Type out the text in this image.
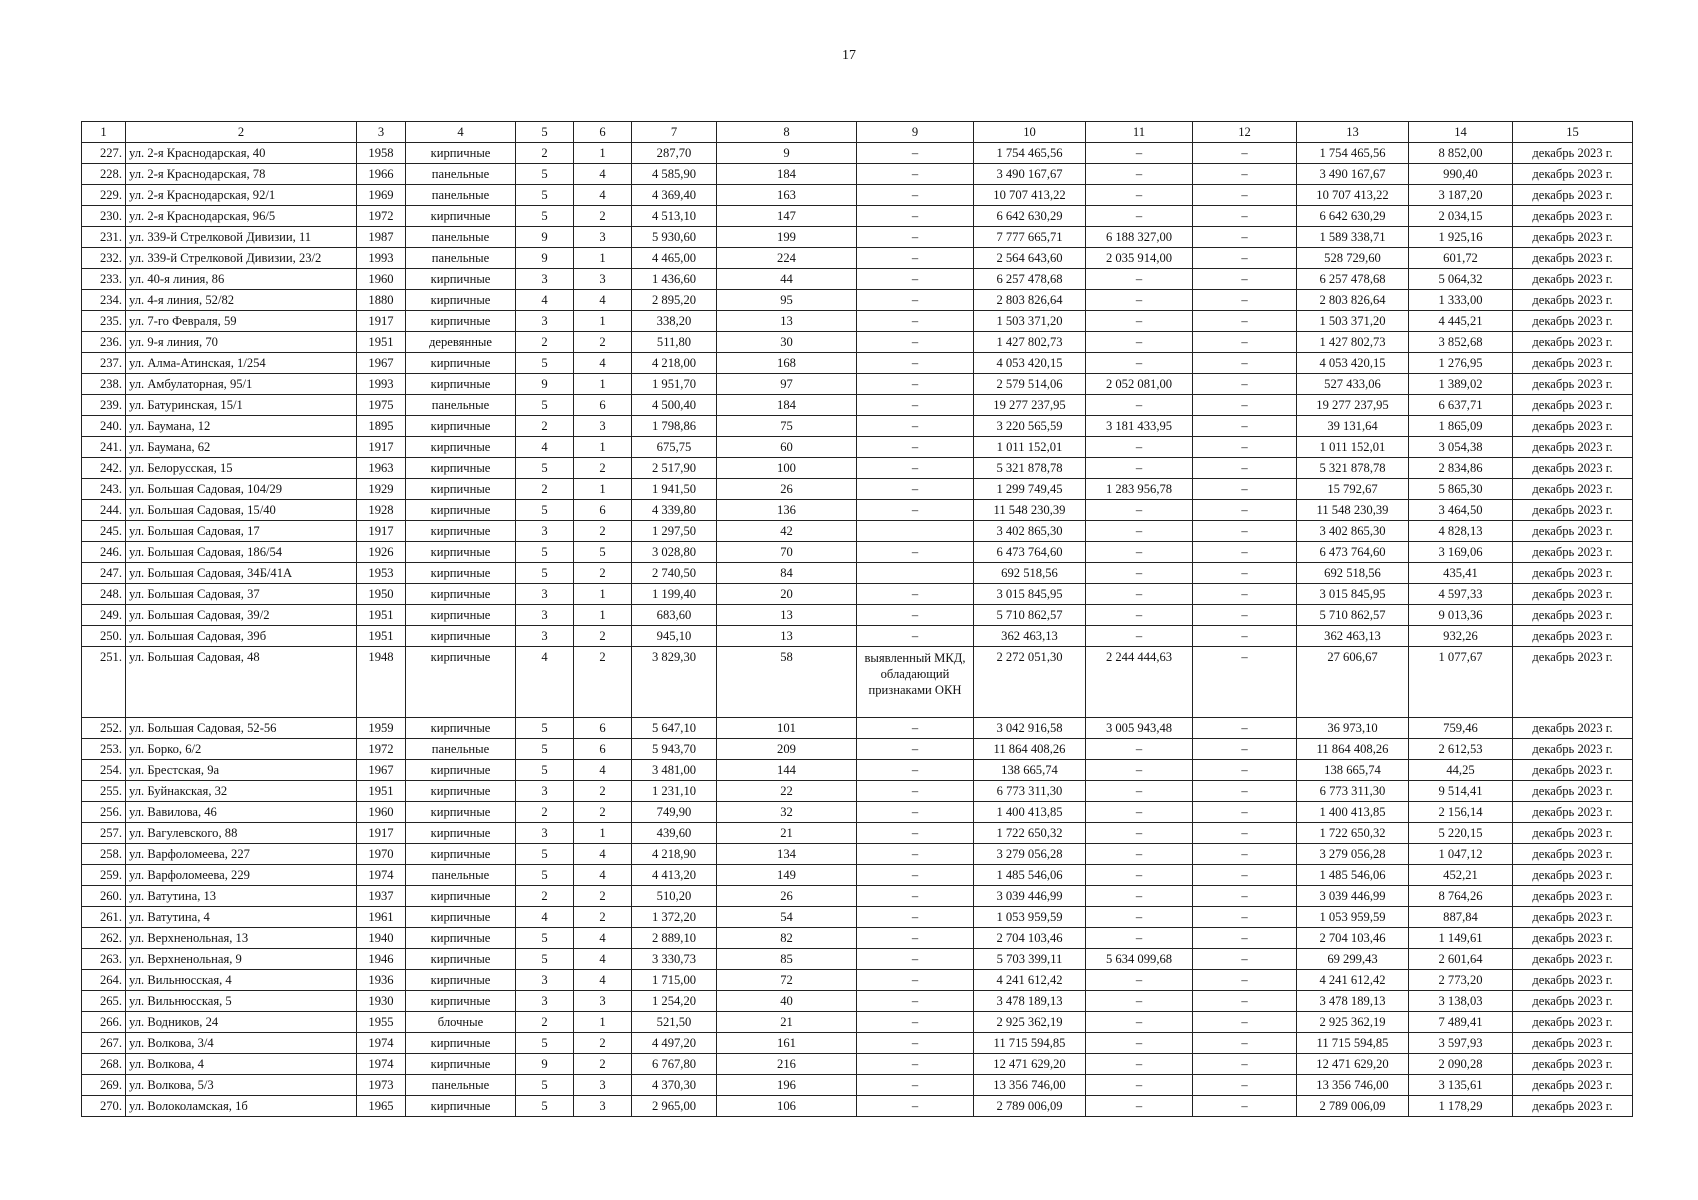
17
1	2	3	4	5	6	7	8	9	10	11	12	13	14	15
227.	ул. 2-я Краснодарская, 40	1958	кирпичные	2	1	287,70	9	–	1 754 465,56	–	–	1 754 465,56	8 852,00	декабрь 2023 г.
228.	ул. 2-я Краснодарская, 78	1966	панельные	5	4	4 585,90	184	–	3 490 167,67	–	–	3 490 167,67	990,40	декабрь 2023 г.
229.	ул. 2-я Краснодарская, 92/1	1969	панельные	5	4	4 369,40	163	–	10 707 413,22	–	–	10 707 413,22	3 187,20	декабрь 2023 г.
230.	ул. 2-я Краснодарская, 96/5	1972	кирпичные	5	2	4 513,10	147	–	6 642 630,29	–	–	6 642 630,29	2 034,15	декабрь 2023 г.
231.	ул. 339-й Стрелковой Дивизии, 11	1987	панельные	9	3	5 930,60	199	–	7 777 665,71	6 188 327,00	–	1 589 338,71	1 925,16	декабрь 2023 г.
232.	ул. 339-й Стрелковой Дивизии, 23/2	1993	панельные	9	1	4 465,00	224	–	2 564 643,60	2 035 914,00	–	528 729,60	601,72	декабрь 2023 г.
233.	ул. 40-я линия, 86	1960	кирпичные	3	3	1 436,60	44	–	6 257 478,68	–	–	6 257 478,68	5 064,32	декабрь 2023 г.
234.	ул. 4-я линия, 52/82	1880	кирпичные	4	4	2 895,20	95	–	2 803 826,64	–	–	2 803 826,64	1 333,00	декабрь 2023 г.
235.	ул. 7-го Февраля, 59	1917	кирпичные	3	1	338,20	13	–	1 503 371,20	–	–	1 503 371,20	4 445,21	декабрь 2023 г.
236.	ул. 9-я линия, 70	1951	деревянные	2	2	511,80	30	–	1 427 802,73	–	–	1 427 802,73	3 852,68	декабрь 2023 г.
237.	ул. Алма-Атинская, 1/254	1967	кирпичные	5	4	4 218,00	168	–	4 053 420,15	–	–	4 053 420,15	1 276,95	декабрь 2023 г.
238.	ул. Амбулаторная, 95/1	1993	кирпичные	9	1	1 951,70	97	–	2 579 514,06	2 052 081,00	–	527 433,06	1 389,02	декабрь 2023 г.
239.	ул. Батуринская, 15/1	1975	панельные	5	6	4 500,40	184	–	19 277 237,95	–	–	19 277 237,95	6 637,71	декабрь 2023 г.
240.	ул. Баумана, 12	1895	кирпичные	2	3	1 798,86	75	–	3 220 565,59	3 181 433,95	–	39 131,64	1 865,09	декабрь 2023 г.
241.	ул. Баумана, 62	1917	кирпичные	4	1	675,75	60	–	1 011 152,01	–	–	1 011 152,01	3 054,38	декабрь 2023 г.
242.	ул. Белорусская, 15	1963	кирпичные	5	2	2 517,90	100	–	5 321 878,78	–	–	5 321 878,78	2 834,86	декабрь 2023 г.
243.	ул. Большая Садовая, 104/29	1929	кирпичные	2	1	1 941,50	26	–	1 299 749,45	1 283 956,78	–	15 792,67	5 865,30	декабрь 2023 г.
244.	ул. Большая Садовая, 15/40	1928	кирпичные	5	6	4 339,80	136	–	11 548 230,39	–	–	11 548 230,39	3 464,50	декабрь 2023 г.
245.	ул. Большая Садовая, 17	1917	кирпичные	3	2	1 297,50	42		3 402 865,30	–	–	3 402 865,30	4 828,13	декабрь 2023 г.
246.	ул. Большая Садовая, 186/54	1926	кирпичные	5	5	3 028,80	70	–	6 473 764,60	–	–	6 473 764,60	3 169,06	декабрь 2023 г.
247.	ул. Большая Садовая, 34Б/41А	1953	кирпичные	5	2	2 740,50	84		692 518,56	–	–	692 518,56	435,41	декабрь 2023 г.
248.	ул. Большая Садовая, 37	1950	кирпичные	3	1	1 199,40	20	–	3 015 845,95	–	–	3 015 845,95	4 597,33	декабрь 2023 г.
249.	ул. Большая Садовая, 39/2	1951	кирпичные	3	1	683,60	13	–	5 710 862,57	–	–	5 710 862,57	9 013,36	декабрь 2023 г.
250.	ул. Большая Садовая, 39б	1951	кирпичные	3	2	945,10	13	–	362 463,13	–	–	362 463,13	932,26	декабрь 2023 г.
251.	ул. Большая Садовая, 48	1948	кирпичные	4	2	3 829,30	58	выявленный МКД, обладающий признаками ОКН	2 272 051,30	2 244 444,63	–	27 606,67	1 077,67	декабрь 2023 г.
252.	ул. Большая Садовая, 52-56	1959	кирпичные	5	6	5 647,10	101	–	3 042 916,58	3 005 943,48	–	36 973,10	759,46	декабрь 2023 г.
253.	ул. Борко, 6/2	1972	панельные	5	6	5 943,70	209	–	11 864 408,26	–	–	11 864 408,26	2 612,53	декабрь 2023 г.
254.	ул. Брестская, 9а	1967	кирпичные	5	4	3 481,00	144	–	138 665,74	–	–	138 665,74	44,25	декабрь 2023 г.
255.	ул. Буйнакская, 32	1951	кирпичные	3	2	1 231,10	22	–	6 773 311,30	–	–	6 773 311,30	9 514,41	декабрь 2023 г.
256.	ул. Вавилова, 46	1960	кирпичные	2	2	749,90	32	–	1 400 413,85	–	–	1 400 413,85	2 156,14	декабрь 2023 г.
257.	ул. Вагулевского, 88	1917	кирпичные	3	1	439,60	21	–	1 722 650,32	–	–	1 722 650,32	5 220,15	декабрь 2023 г.
258.	ул. Варфоломеева, 227	1970	кирпичные	5	4	4 218,90	134	–	3 279 056,28	–	–	3 279 056,28	1 047,12	декабрь 2023 г.
259.	ул. Варфоломеева, 229	1974	панельные	5	4	4 413,20	149	–	1 485 546,06	–	–	1 485 546,06	452,21	декабрь 2023 г.
260.	ул. Ватутина, 13	1937	кирпичные	2	2	510,20	26	–	3 039 446,99	–	–	3 039 446,99	8 764,26	декабрь 2023 г.
261.	ул. Ватутина, 4	1961	кирпичные	4	2	1 372,20	54	–	1 053 959,59	–	–	1 053 959,59	887,84	декабрь 2023 г.
262.	ул. Верхненольная, 13	1940	кирпичные	5	4	2 889,10	82	–	2 704 103,46	–	–	2 704 103,46	1 149,61	декабрь 2023 г.
263.	ул. Верхненольная, 9	1946	кирпичные	5	4	3 330,73	85	–	5 703 399,11	5 634 099,68	–	69 299,43	2 601,64	декабрь 2023 г.
264.	ул. Вильнюсская, 4	1936	кирпичные	3	4	1 715,00	72	–	4 241 612,42	–	–	4 241 612,42	2 773,20	декабрь 2023 г.
265.	ул. Вильнюсская, 5	1930	кирпичные	3	3	1 254,20	40	–	3 478 189,13	–	–	3 478 189,13	3 138,03	декабрь 2023 г.
266.	ул. Водников, 24	1955	блочные	2	1	521,50	21	–	2 925 362,19	–	–	2 925 362,19	7 489,41	декабрь 2023 г.
267.	ул. Волкова, 3/4	1974	кирпичные	5	2	4 497,20	161	–	11 715 594,85	–	–	11 715 594,85	3 597,93	декабрь 2023 г.
268.	ул. Волкова, 4	1974	кирпичные	9	2	6 767,80	216	–	12 471 629,20	–	–	12 471 629,20	2 090,28	декабрь 2023 г.
269.	ул. Волкова, 5/3	1973	панельные	5	3	4 370,30	196	–	13 356 746,00	–	–	13 356 746,00	3 135,61	декабрь 2023 г.
270.	ул. Волоколамская, 1б	1965	кирпичные	5	3	2 965,00	106	–	2 789 006,09	–	–	2 789 006,09	1 178,29	декабрь 2023 г.
